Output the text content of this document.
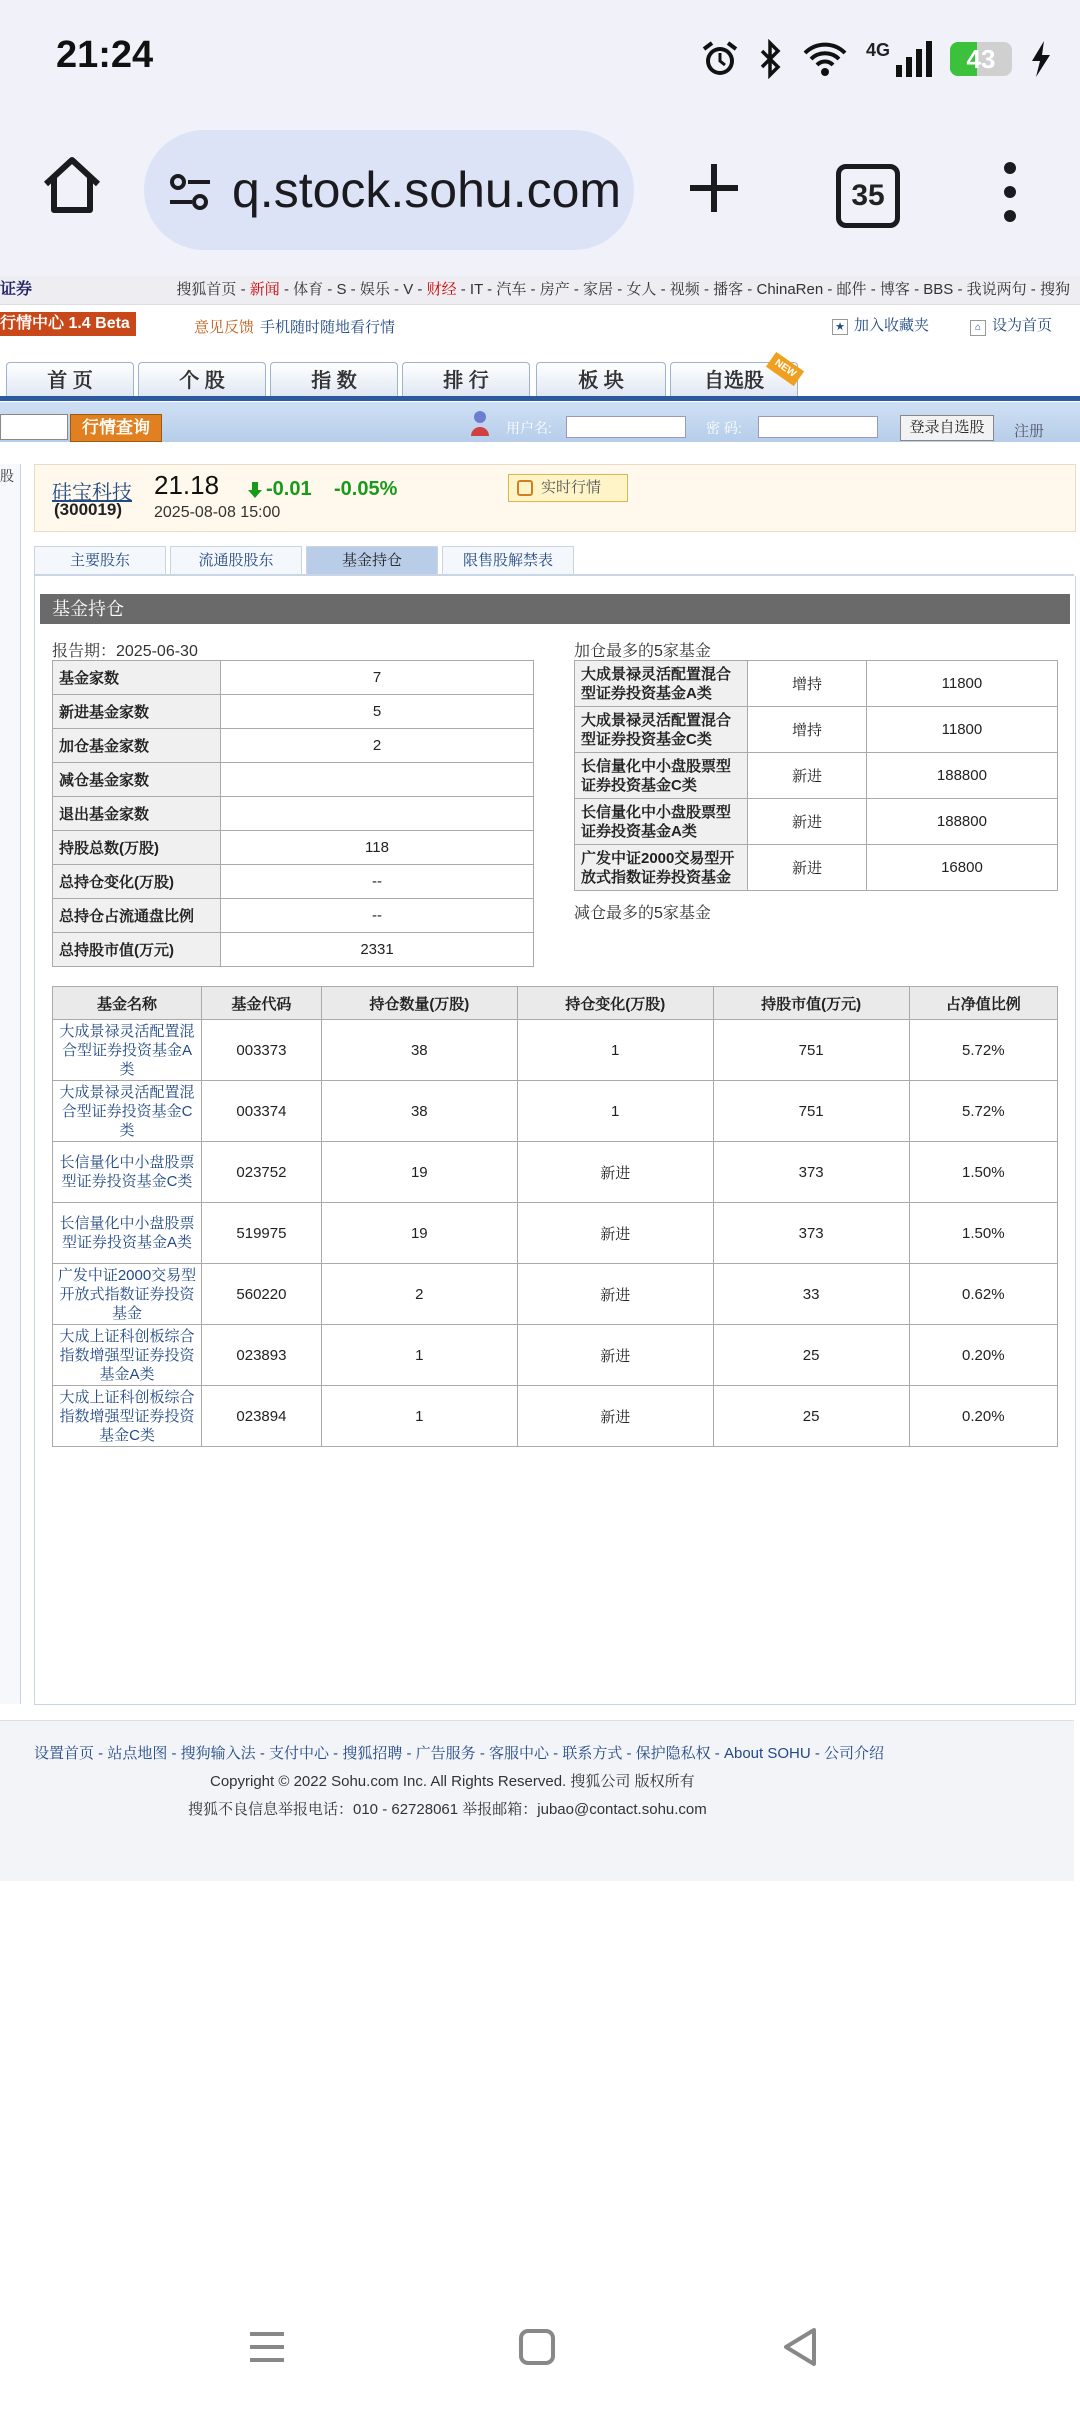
21:24	4G	43
q.stock.sohu.com	35
证券	搜狐首页 - 新闻 - 体育 - S - 娱乐 - V - 财经 - IT - 汽车 - 房产 - 家居 - 女人 - 视频 - 播客 - ChinaRen - 邮件 - 博客 - BBS - 我说两句 - 搜狗
行情中心 1.4 Beta	意见反馈 手机随时随地看行情	★ 加入收藏夹	⌂ 设为首页
首 页	个 股	指 数	排 行	板 块	自选股
NEW
行情查询	用户名:	密 码:	登录自选股	注册
股
硅宝科技
(300019)
21.18 -0.01 -0.05%
2025-08-08 15:00
实时行情
主要股东	流通股股东	基金持仓	限售股解禁表
基金持仓
报告期：2025-06-30
基金家数	7
新进基金家数	5
加仓基金家数	2
减仓基金家数	
退出基金家数	
持股总数(万股)	118
总持仓变化(万股)	--
总持仓占流通盘比例	--
总持股市值(万元)	2331
加仓最多的5家基金
大成景禄灵活配置混合型证券投资基金A类	增持	11800
大成景禄灵活配置混合型证券投资基金C类	增持	11800
长信量化中小盘股票型证券投资基金C类	新进	188800
长信量化中小盘股票型证券投资基金A类	新进	188800
广发中证2000交易型开放式指数证券投资基金	新进	16800
减仓最多的5家基金
基金名称	基金代码	持仓数量(万股)	持仓变化(万股)	持股市值(万元)	占净值比例
大成景禄灵活配置混合型证券投资基金A类	003373	38	1	751	5.72%
大成景禄灵活配置混合型证券投资基金C类	003374	38	1	751	5.72%
长信量化中小盘股票型证券投资基金C类	023752	19	新进	373	1.50%
长信量化中小盘股票型证券投资基金A类	519975	19	新进	373	1.50%
广发中证2000交易型开放式指数证券投资基金	560220	2	新进	33	0.62%
大成上证科创板综合指数增强型证券投资基金A类	023893	1	新进	25	0.20%
大成上证科创板综合指数增强型证券投资基金C类	023894	1	新进	25	0.20%
设置首页 - 站点地图 - 搜狗输入法 - 支付中心 - 搜狐招聘 - 广告服务 - 客服中心 - 联系方式 - 保护隐私权 - About SOHU - 公司介绍
Copyright © 2022 Sohu.com Inc. All Rights Reserved. 搜狐公司 版权所有
搜狐不良信息举报电话：010 - 62728061 举报邮箱：jubao@contact.sohu.com
